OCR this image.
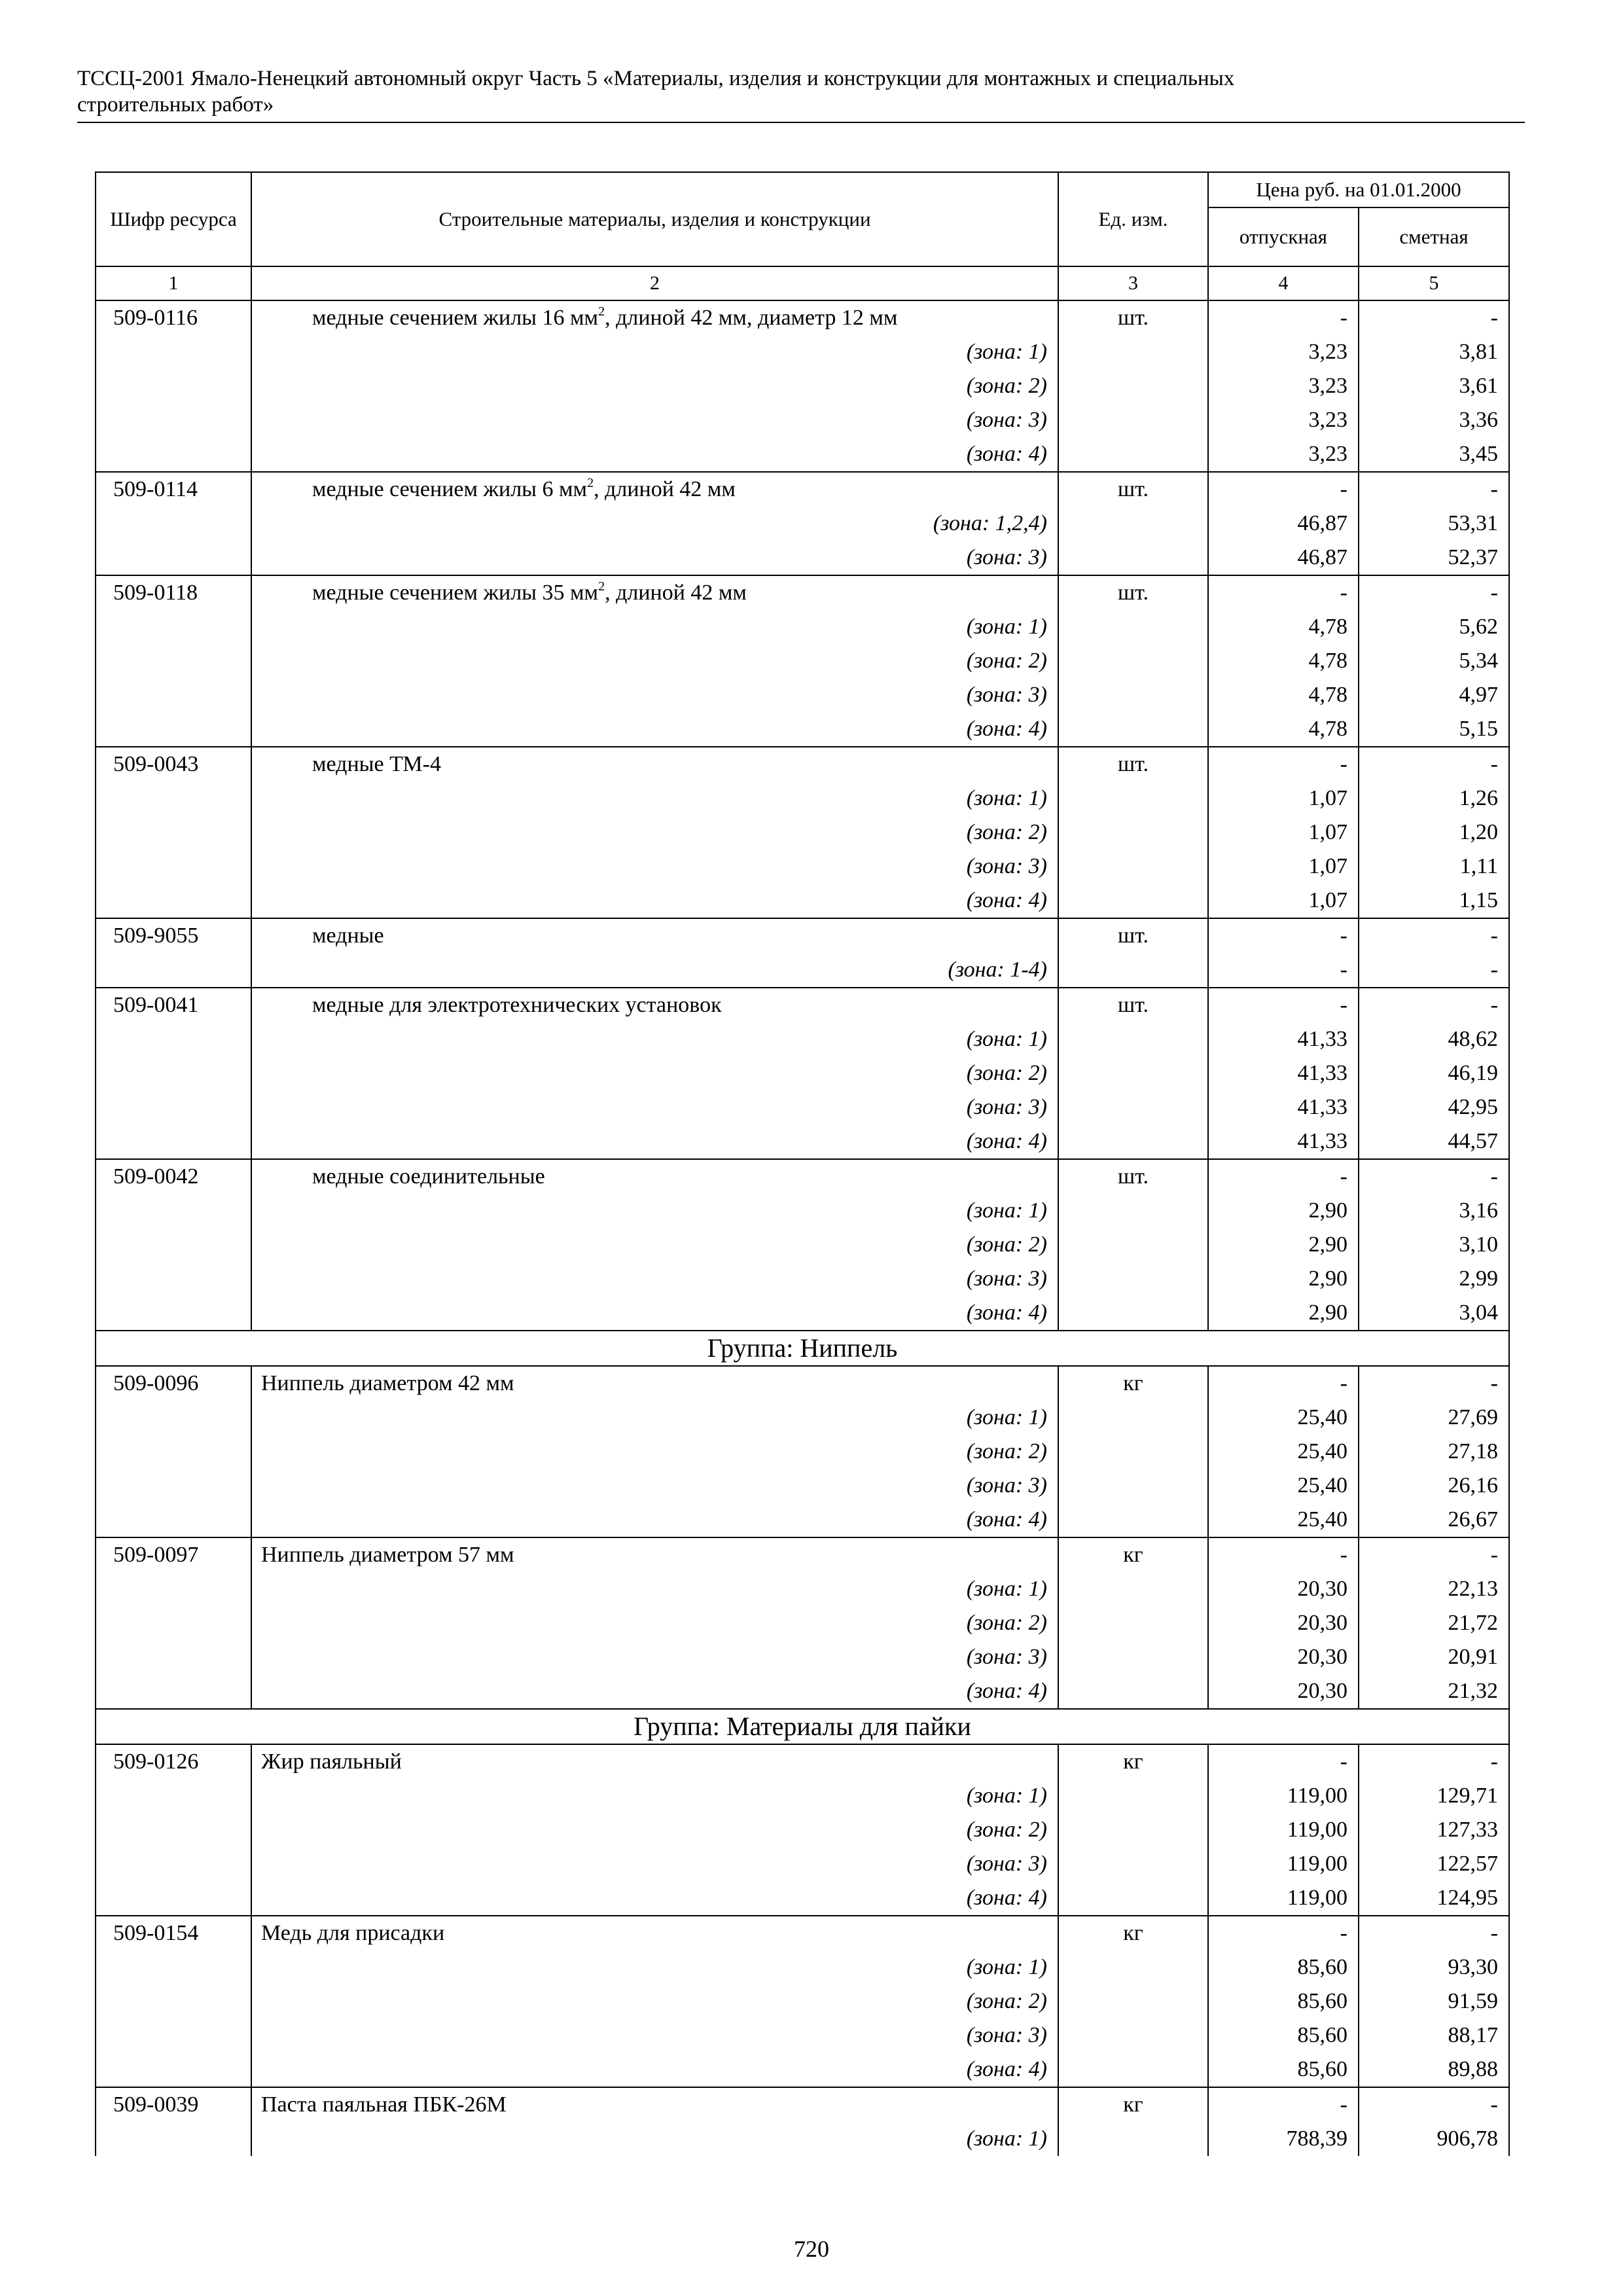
ТССЦ-2001 Ямало-Ненецкий автономный округ Часть 5 «Материалы, изделия и конструкции для монтажных и специальных
строительных работ»
Шифр ресурса	Строительные материалы, изделия и конструкции	Ед. изм.	Цена руб. на 01.01.2000	
			отпускная	сметная
1	2	3	4	5
509-0116	медные сечением жилы 16 $мм^2$, длиной 42 мм, диаметр 12 мм	шт.	-	-
	(зона: 1)		3,23	3,81
	(зона: 2)		3,23	3,61
	(зона: 3)		3,23	3,36
	(зона: 4)		3,23	3,45
509-0114	медные сечением жилы 6 $мм^2$, длиной 42 мм	шт.	-	-
	(зона: 1,2,4)		46,87	53,31
	(зона: 3)		46,87	52,37
509-0118	медные сечением жилы 35 $мм^2$, длиной 42 мм	шт.	-	-
	(зона: 1)		4,78	5,62
	(зона: 2)		4,78	5,34
	(зона: 3)		4,78	4,97
	(зона: 4)		4,78	5,15
509-0043	медные ТМ-4	шт.	-	-
	(зона: 1)		1,07	1,26
	(зона: 2)		1,07	1,20
	(зона: 3)		1,07	1,11
	(зона: 4)		1,07	1,15
509-9055	медные	шт.	-	-
	(зона: 1-4)		-	-
509-0041	медные для электротехнических установок	шт.	-	-
	(зона: 1)		41,33	48,62
	(зона: 2)		41,33	46,19
	(зона: 3)		41,33	42,95
	(зона: 4)		41,33	44,57
509-0042	медные соединительные	шт.	-	-
	(зона: 1)		2,90	3,16
	(зона: 2)		2,90	3,10
	(зона: 3)		2,90	2,99
	(зона: 4)		2,90	3,04
Группа: Ниппель				
509-0096	Ниппель диаметром 42 мм	кг	-	-
	(зона: 1)		25,40	27,69
	(зона: 2)		25,40	27,18
	(зона: 3)		25,40	26,16
	(зона: 4)		25,40	26,67
509-0097	Ниппель диаметром 57 мм	кг	-	-
	(зона: 1)		20,30	22,13
	(зона: 2)		20,30	21,72
	(зона: 3)		20,30	20,91
	(зона: 4)		20,30	21,32
Группа: Материалы для пайки				
509-0126	Жир паяльный	кг	-	-
	(зона: 1)		119,00	129,71
	(зона: 2)		119,00	127,33
	(зона: 3)		119,00	122,57
	(зона: 4)		119,00	124,95
509-0154	Медь для присадки	кг	-	-
	(зона: 1)		85,60	93,30
	(зона: 2)		85,60	91,59
	(зона: 3)		85,60	88,17
	(зона: 4)		85,60	89,88
509-0039	Паста паяльная ПБК-26М	кг	-	-
	(зона: 1)		788,39	906,78
720
